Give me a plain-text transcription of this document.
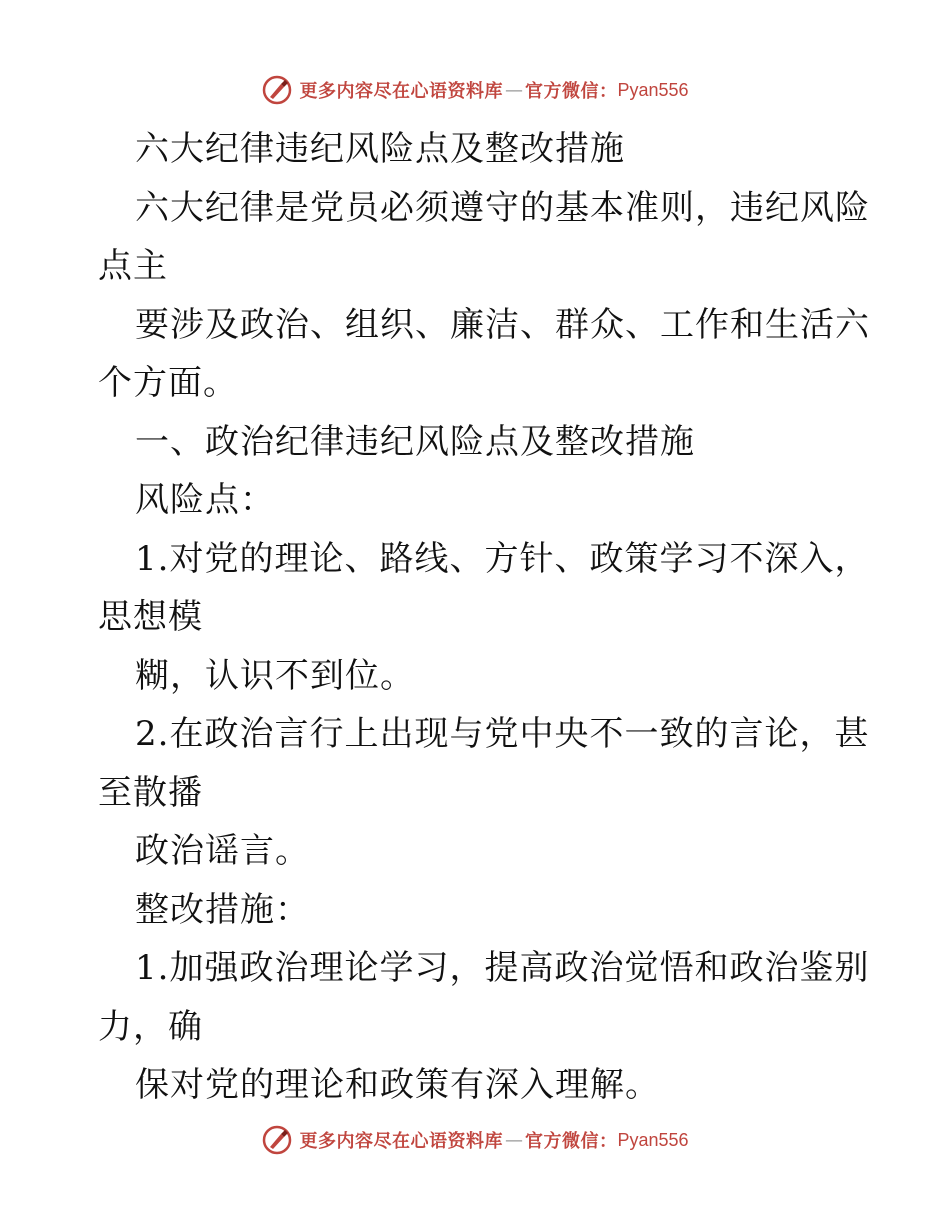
更多内容尽在心语资料库 — 官方微信： Pyan556
六大纪律违纪风险点及整改措施
六大纪律是党员必须遵守的基本准则，违纪风险
点主
要涉及政治、组织、廉洁、群众、工作和生活六
个方面。
一、政治纪律违纪风险点及整改措施
风险点：
1.对党的理论、路线、方针、政策学习不深入，
思想模
糊，认识不到位。
2.在政治言行上出现与党中央不一致的言论，甚
至散播
政治谣言。
整改措施：
1.加强政治理论学习，提高政治觉悟和政治鉴别
力，确
保对党的理论和政策有深入理解。
更多内容尽在心语资料库 — 官方微信： Pyan556
